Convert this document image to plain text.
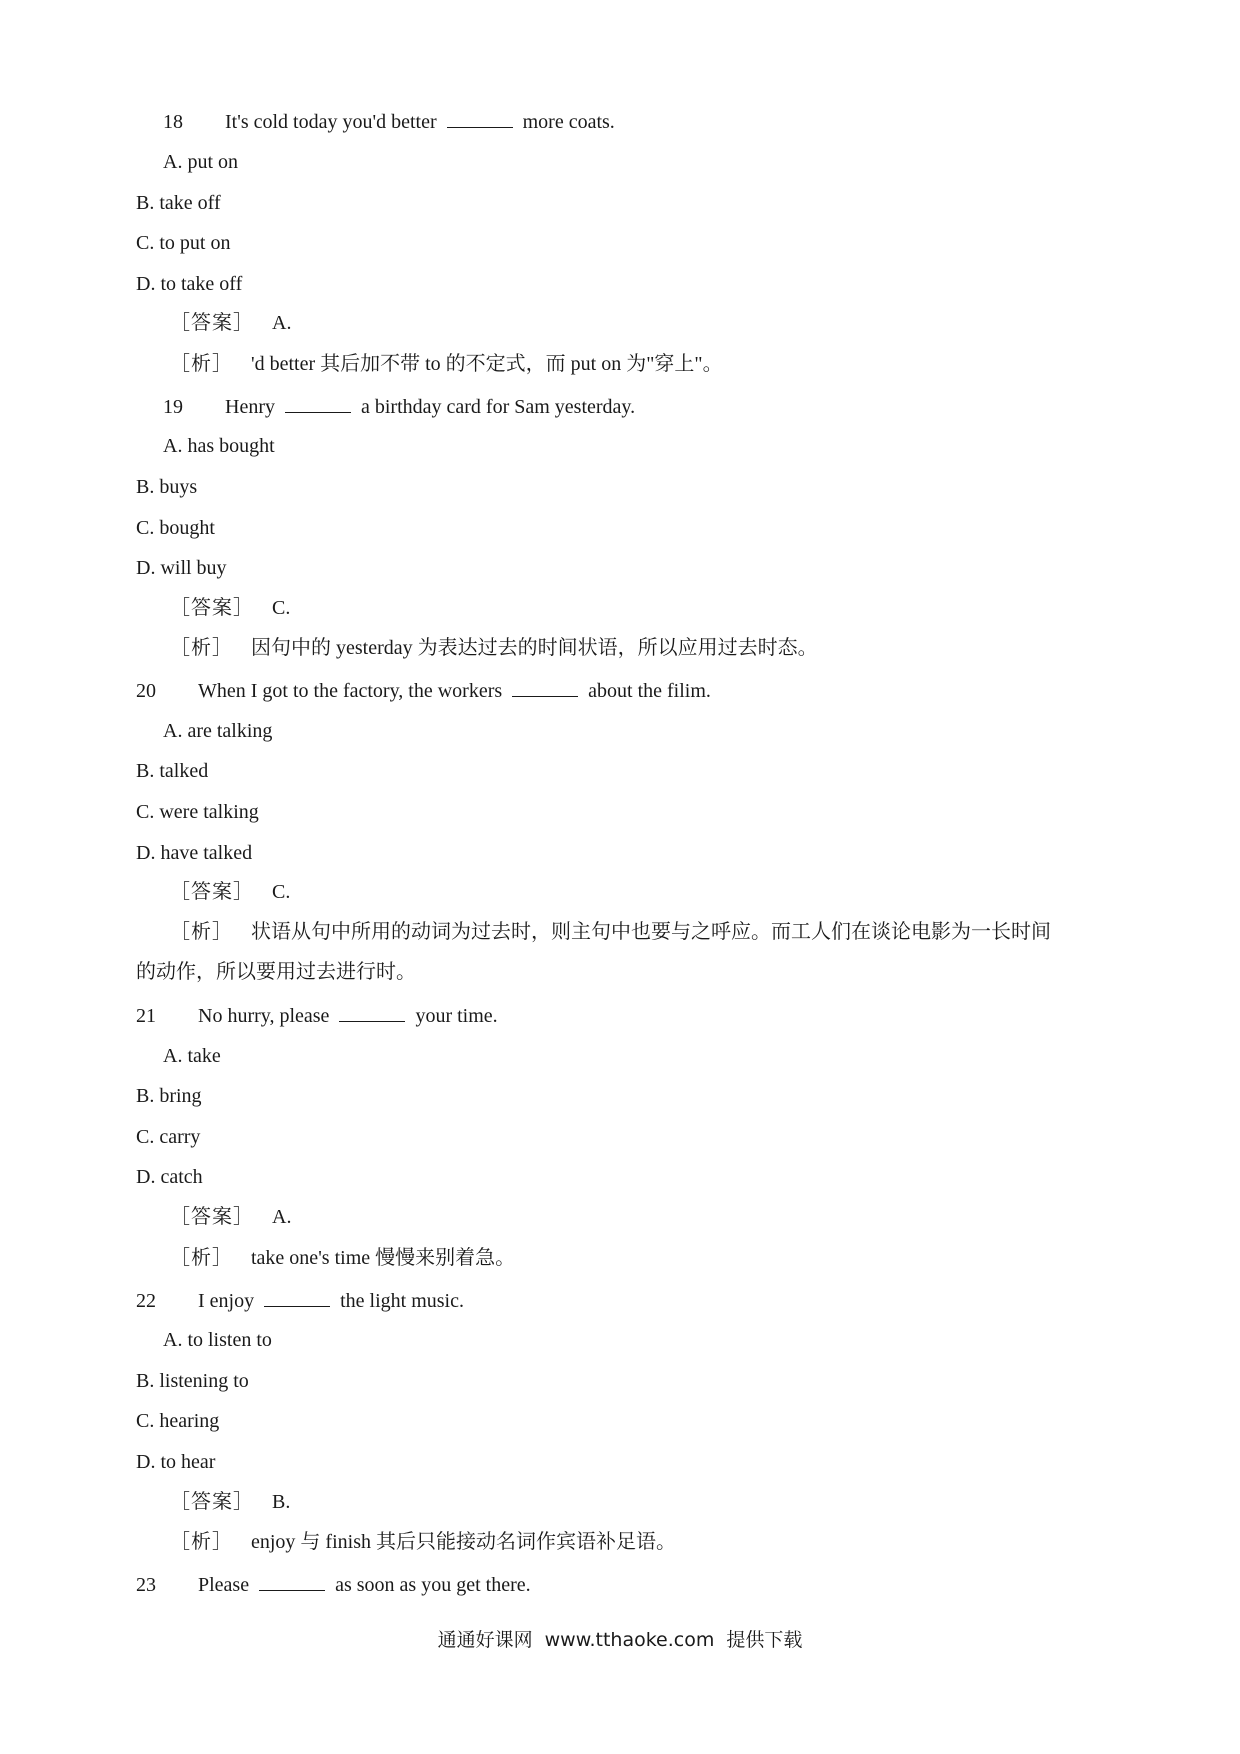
18 It's cold today you'd better	more coats.
A. put on
B. take off
C. to put on
D. to take off
［答案］ A.
［析］ 'd better 其后加不带 to 的不定式，而 put on 为"穿上"。
19 Henry	a birthday card for Sam yesterday.
A. has bought
B. buys
C. bought
D. will buy
［答案］ C.
［析］ 因句中的 yesterday 为表达过去的时间状语，所以应用过去时态。
20 When I got to the factory, the workers	about the filim.
A. are talking
B. talked
C. were talking
D. have talked
［答案］ C.
［析］ 状语从句中所用的动词为过去时，则主句中也要与之呼应。而工人们在谈论电影为一长时间
的动作，所以要用过去进行时。
21 No hurry, please	your time.
A. take
B. bring
C. carry
D. catch
［答案］ A.
［析］ take one's time 慢慢来别着急。
22 I enjoy	the light music.
A. to listen to
B. listening to
C. hearing
D. to hear
［答案］ B.
［析］ enjoy 与 finish 其后只能接动名词作宾语补足语。
23 Please	as soon as you get there.
通通好课网 www.tthaoke.com 提供下载
